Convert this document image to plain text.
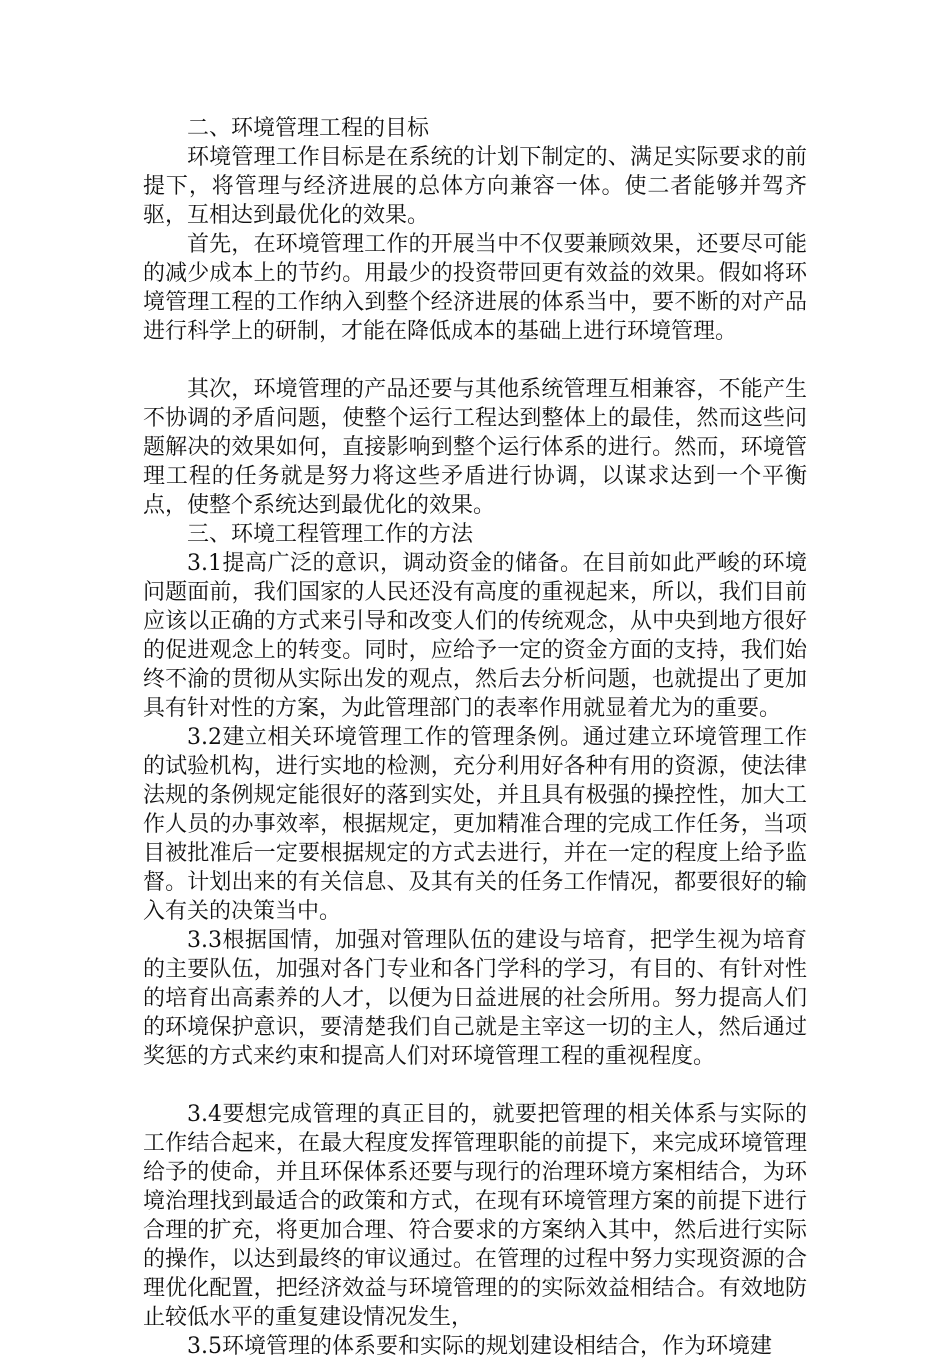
二、环境管理工程的目标

环境管理工作目标是在系统的计划下制定的、满足实际要求的前提下，将管理与经济进展的总体方向兼容一体。使二者能够并驾齐驱，互相达到最优化的效果。

首先，在环境管理工作的开展当中不仅要兼顾效果，还要尽可能的减少成本上的节约。用最少的投资带回更有效益的效果。假如将环境管理工程的工作纳入到整个经济进展的体系当中，要不断的对产品进行科学上的研制，才能在降低成本的基础上进行环境管理。

其次，环境管理的产品还要与其他系统管理互相兼容，不能产生不协调的矛盾问题，使整个运行工程达到整体上的最佳，然而这些问题解决的效果如何，直接影响到整个运行体系的进行。然而，环境管理工程的任务就是努力将这些矛盾进行协调，以谋求达到一个平衡点，使整个系统达到最优化的效果。

三、环境工程管理工作的方法

3.1提高广泛的意识，调动资金的储备。在目前如此严峻的环境问题面前，我们国家的人民还没有高度的重视起来，所以，我们目前应该以正确的方式来引导和改变人们的传统观念，从中央到地方很好的促进观念上的转变。同时，应给予一定的资金方面的支持，我们始终不渝的贯彻从实际出发的观点，然后去分析问题，也就提出了更加具有针对性的方案，为此管理部门的表率作用就显着尤为的重要。

3.2建立相关环境管理工作的管理条例。通过建立环境管理工作的试验机构，进行实地的检测，充分利用好各种有用的资源，使法律法规的条例规定能很好的落到实处，并且具有极强的操控性，加大工作人员的办事效率，根据规定，更加精准合理的完成工作任务，当项目被批准后一定要根据规定的方式去进行，并在一定的程度上给予监督。计划出来的有关信息、及其有关的任务工作情况，都要很好的输入有关的决策当中。

3.3根据国情，加强对管理队伍的建设与培育，把学生视为培育的主要队伍，加强对各门专业和各门学科的学习，有目的、有针对性的培育出高素养的人才，以便为日益进展的社会所用。努力提高人们的环境保护意识，要清楚我们自己就是主宰这一切的主人，然后通过奖惩的方式来约束和提高人们对环境管理工程的重视程度。

3.4要想完成管理的真正目的，就要把管理的相关体系与实际的工作结合起来，在最大程度发挥管理职能的前提下，来完成环境管理给予的使命，并且环保体系还要与现行的治理环境方案相结合，为环境治理找到最适合的政策和方式，在现有环境管理方案的前提下进行合理的扩充，将更加合理、符合要求的方案纳入其中，然后进行实际的操作，以达到最终的审议通过。在管理的过程中努力实现资源的合理优化配置，把经济效益与环境管理的的实际效益相结合。有效地防止较低水平的重复建设情况发生，

3.5环境管理的体系要和实际的规划建设相结合，作为环境建
